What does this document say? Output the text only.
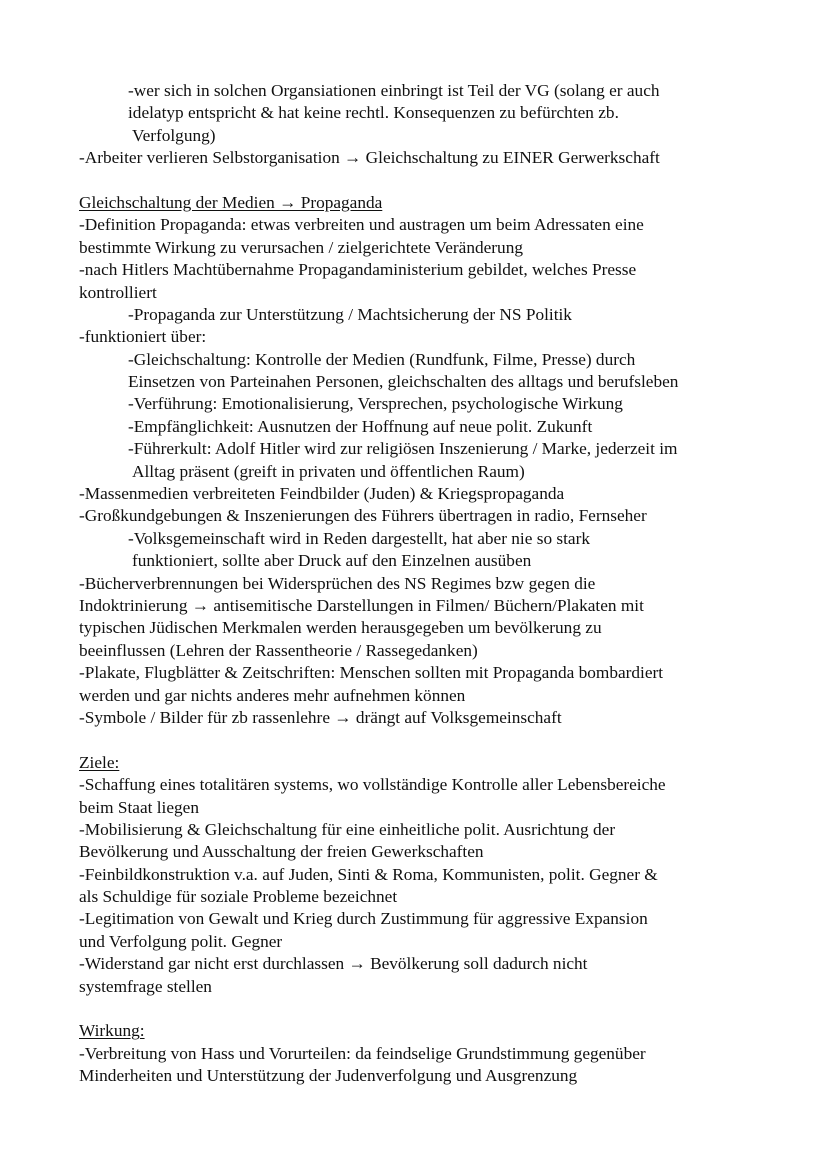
-wer sich in solchen Organsiationen einbringt ist Teil der VG (solang er auch
idelatyp entspricht & hat keine rechtl. Konsequenzen zu befürchten zb.
Verfolgung)
-Arbeiter verlieren Selbstorganisation → Gleichschaltung zu EINER Gerwerkschaft
Gleichschaltung der Medien → Propaganda
-Definition Propaganda: etwas verbreiten und austragen um beim Adressaten eine
bestimmte Wirkung zu verursachen / zielgerichtete Veränderung
-nach Hitlers Machtübernahme Propagandaministerium gebildet, welches Presse
kontrolliert
-Propaganda zur Unterstützung / Machtsicherung der NS Politik
-funktioniert über:
-Gleichschaltung: Kontrolle der Medien (Rundfunk, Filme, Presse) durch
Einsetzen von Parteinahen Personen, gleichschalten des alltags und berufsleben
-Verführung: Emotionalisierung, Versprechen, psychologische Wirkung
-Empfänglichkeit: Ausnutzen der Hoffnung auf neue polit. Zukunft
-Führerkult: Adolf Hitler wird zur religiösen Inszenierung / Marke, jederzeit im
Alltag präsent (greift in privaten und öffentlichen Raum)
-Massenmedien verbreiteten Feindbilder (Juden) & Kriegspropaganda
-Großkundgebungen & Inszenierungen des Führers übertragen in radio, Fernseher
-Volksgemeinschaft wird in Reden dargestellt, hat aber nie so stark
funktioniert, sollte aber Druck auf den Einzelnen ausüben
-Bücherverbrennungen bei Widersprüchen des NS Regimes bzw gegen die
Indoktrinierung → antisemitische Darstellungen in Filmen/ Büchern/Plakaten mit
typischen Jüdischen Merkmalen werden herausgegeben um bevölkerung zu
beeinflussen (Lehren der Rassentheorie / Rassegedanken)
-Plakate, Flugblätter & Zeitschriften: Menschen sollten mit Propaganda bombardiert
werden und gar nichts anderes mehr aufnehmen können
-Symbole / Bilder für zb rassenlehre → drängt auf Volksgemeinschaft
Ziele:
-Schaffung eines totalitären systems, wo vollständige Kontrolle aller Lebensbereiche
beim Staat liegen
-Mobilisierung & Gleichschaltung für eine einheitliche polit. Ausrichtung der
Bevölkerung und Ausschaltung der freien Gewerkschaften
-Feinbildkonstruktion v.a. auf Juden, Sinti & Roma, Kommunisten, polit. Gegner &
als Schuldige für soziale Probleme bezeichnet
-Legitimation von Gewalt und Krieg durch Zustimmung für aggressive Expansion
und Verfolgung polit. Gegner
-Widerstand gar nicht erst durchlassen → Bevölkerung soll dadurch nicht
systemfrage stellen
Wirkung:
-Verbreitung von Hass und Vorurteilen: da feindselige Grundstimmung gegenüber
Minderheiten und Unterstützung der Judenverfolgung und Ausgrenzung
